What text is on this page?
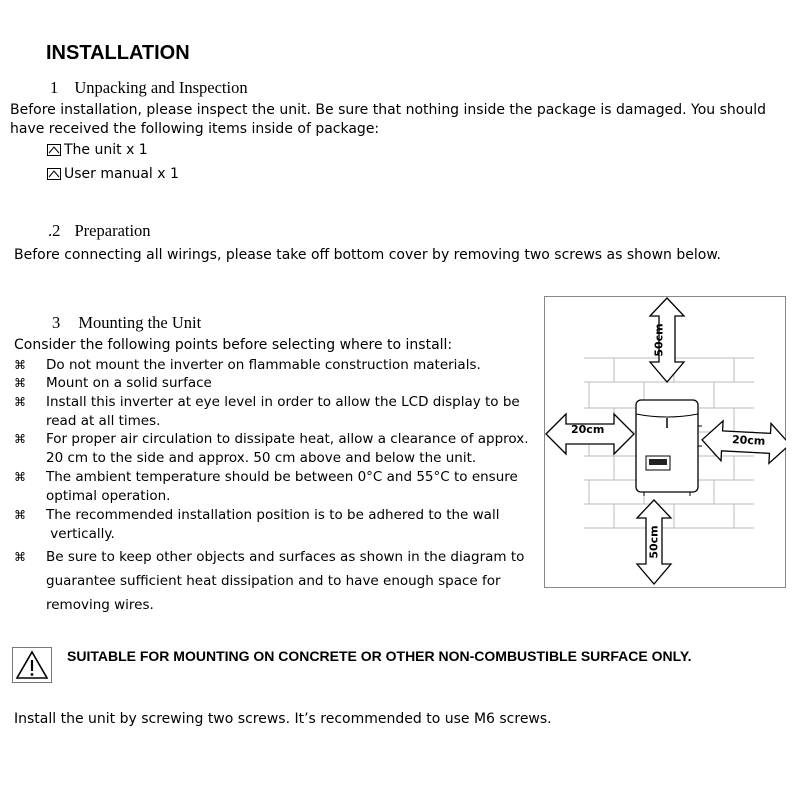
INSTALLATION
1 Unpacking and Inspection
Before installation, please inspect the unit. Be sure that nothing inside the package is damaged. You should
have received the following items inside of package:
The unit x 1
User manual x 1
.2 Preparation
Before connecting all wirings, please take off bottom cover by removing two screws as shown below.
3 Mounting the Unit
Consider the following points before selecting where to install:
⌘ Do not mount the inverter on flammable construction materials.
⌘ Mount on a solid surface
⌘ Install this inverter at eye level in order to allow the LCD display to be
read at all times.
⌘ For proper air circulation to dissipate heat, allow a clearance of approx.
20 cm to the side and approx. 50 cm above and below the unit.
⌘ The ambient temperature should be between 0°C and 55°C to ensure
optimal operation.
⌘ The recommended installation position is to be adhered to the wall
vertically.
⌘ Be sure to keep other objects and surfaces as shown in the diagram to
guarantee sufficient heat dissipation and to have enough space for
removing wires.
50cm
50cm
20cm
20cm
SUITABLE FOR MOUNTING ON CONCRETE OR OTHER NON-COMBUSTIBLE SURFACE ONLY.
Install the unit by screwing two screws. It’s recommended to use M6 screws.
